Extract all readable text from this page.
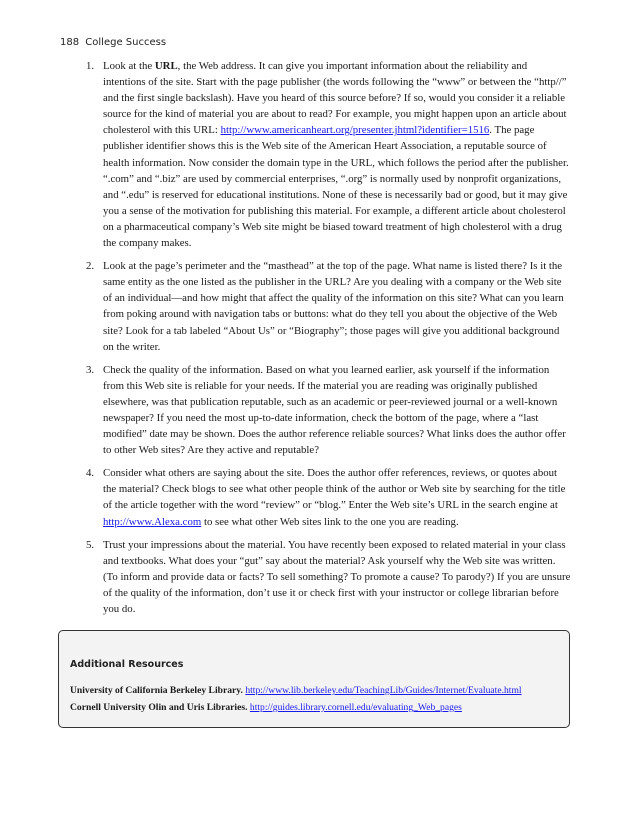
188 College Success
1. Look at the URL, the Web address. It can give you important information about the reliability and intentions of the site. Start with the page publisher (the words following the “www” or between the “http//” and the first single backslash). Have you heard of this source before? If so, would you consider it a reliable source for the kind of material you are about to read? For example, you might happen upon an article about cholesterol with this URL: http://www.americanheart.org/presenter.jhtml?identifier=1516. The page publisher identifier shows this is the Web site of the American Heart Association, a reputable source of health information. Now consider the domain type in the URL, which follows the period after the publisher. “.com” and “.biz” are used by commercial enterprises, “.org” is normally used by nonprofit organizations, and “.edu” is reserved for educational institutions. None of these is necessarily bad or good, but it may give you a sense of the motivation for publishing this material. For example, a different article about cholesterol on a pharmaceutical company’s Web site might be biased toward treatment of high cholesterol with a drug the company makes.
2. Look at the page’s perimeter and the “masthead” at the top of the page. What name is listed there? Is it the same entity as the one listed as the publisher in the URL? Are you dealing with a company or the Web site of an individual—and how might that affect the quality of the information on this site? What can you learn from poking around with navigation tabs or buttons: what do they tell you about the objective of the Web site? Look for a tab labeled “About Us” or “Biography”; those pages will give you additional background on the writer.
3. Check the quality of the information. Based on what you learned earlier, ask yourself if the information from this Web site is reliable for your needs. If the material you are reading was originally published elsewhere, was that publication reputable, such as an academic or peer-reviewed journal or a well-known newspaper? If you need the most up-to-date information, check the bottom of the page, where a “last modified” date may be shown. Does the author reference reliable sources? What links does the author offer to other Web sites? Are they active and reputable?
4. Consider what others are saying about the site. Does the author offer references, reviews, or quotes about the material? Check blogs to see what other people think of the author or Web site by searching for the title of the article together with the word “review” or “blog.” Enter the Web site’s URL in the search engine at http://www.Alexa.com to see what other Web sites link to the one you are reading.
5. Trust your impressions about the material. You have recently been exposed to related material in your class and textbooks. What does your “gut” say about the material? Ask yourself why the Web site was written. (To inform and provide data or facts? To sell something? To promote a cause? To parody?) If you are unsure of the quality of the information, don’t use it or check first with your instructor or college librarian before you do.
Additional Resources
University of California Berkeley Library. http://www.lib.berkeley.edu/TeachingLib/Guides/Internet/Evaluate.html
Cornell University Olin and Uris Libraries. http://guides.library.cornell.edu/evaluating_Web_pages
